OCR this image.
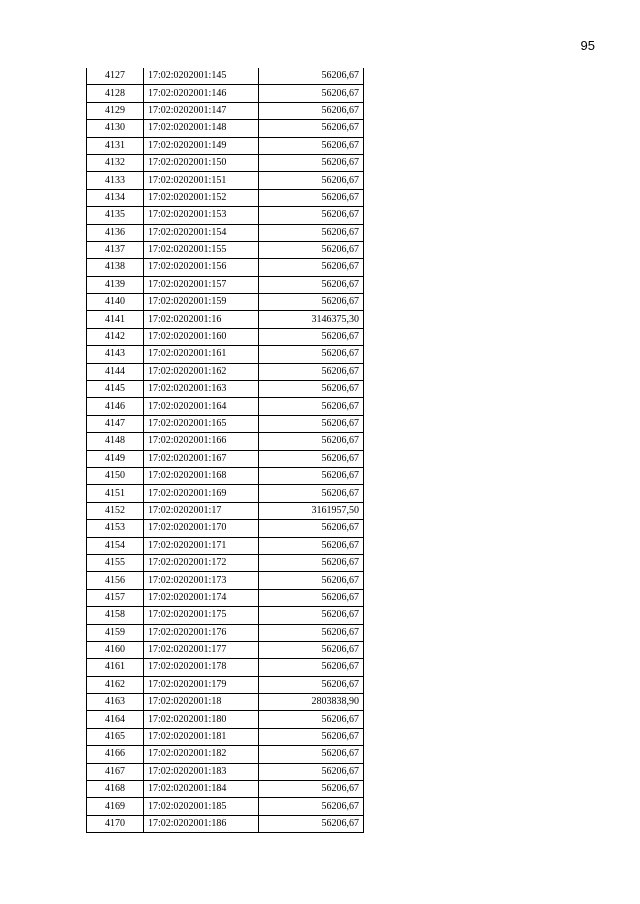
95
4127	17:02:0202001:145	56206,67
4128	17:02:0202001:146	56206,67
4129	17:02:0202001:147	56206,67
4130	17:02:0202001:148	56206,67
4131	17:02:0202001:149	56206,67
4132	17:02:0202001:150	56206,67
4133	17:02:0202001:151	56206,67
4134	17:02:0202001:152	56206,67
4135	17:02:0202001:153	56206,67
4136	17:02:0202001:154	56206,67
4137	17:02:0202001:155	56206,67
4138	17:02:0202001:156	56206,67
4139	17:02:0202001:157	56206,67
4140	17:02:0202001:159	56206,67
4141	17:02:0202001:16	3146375,30
4142	17:02:0202001:160	56206,67
4143	17:02:0202001:161	56206,67
4144	17:02:0202001:162	56206,67
4145	17:02:0202001:163	56206,67
4146	17:02:0202001:164	56206,67
4147	17:02:0202001:165	56206,67
4148	17:02:0202001:166	56206,67
4149	17:02:0202001:167	56206,67
4150	17:02:0202001:168	56206,67
4151	17:02:0202001:169	56206,67
4152	17:02:0202001:17	3161957,50
4153	17:02:0202001:170	56206,67
4154	17:02:0202001:171	56206,67
4155	17:02:0202001:172	56206,67
4156	17:02:0202001:173	56206,67
4157	17:02:0202001:174	56206,67
4158	17:02:0202001:175	56206,67
4159	17:02:0202001:176	56206,67
4160	17:02:0202001:177	56206,67
4161	17:02:0202001:178	56206,67
4162	17:02:0202001:179	56206,67
4163	17:02:0202001:18	2803838,90
4164	17:02:0202001:180	56206,67
4165	17:02:0202001:181	56206,67
4166	17:02:0202001:182	56206,67
4167	17:02:0202001:183	56206,67
4168	17:02:0202001:184	56206,67
4169	17:02:0202001:185	56206,67
4170	17:02:0202001:186	56206,67
